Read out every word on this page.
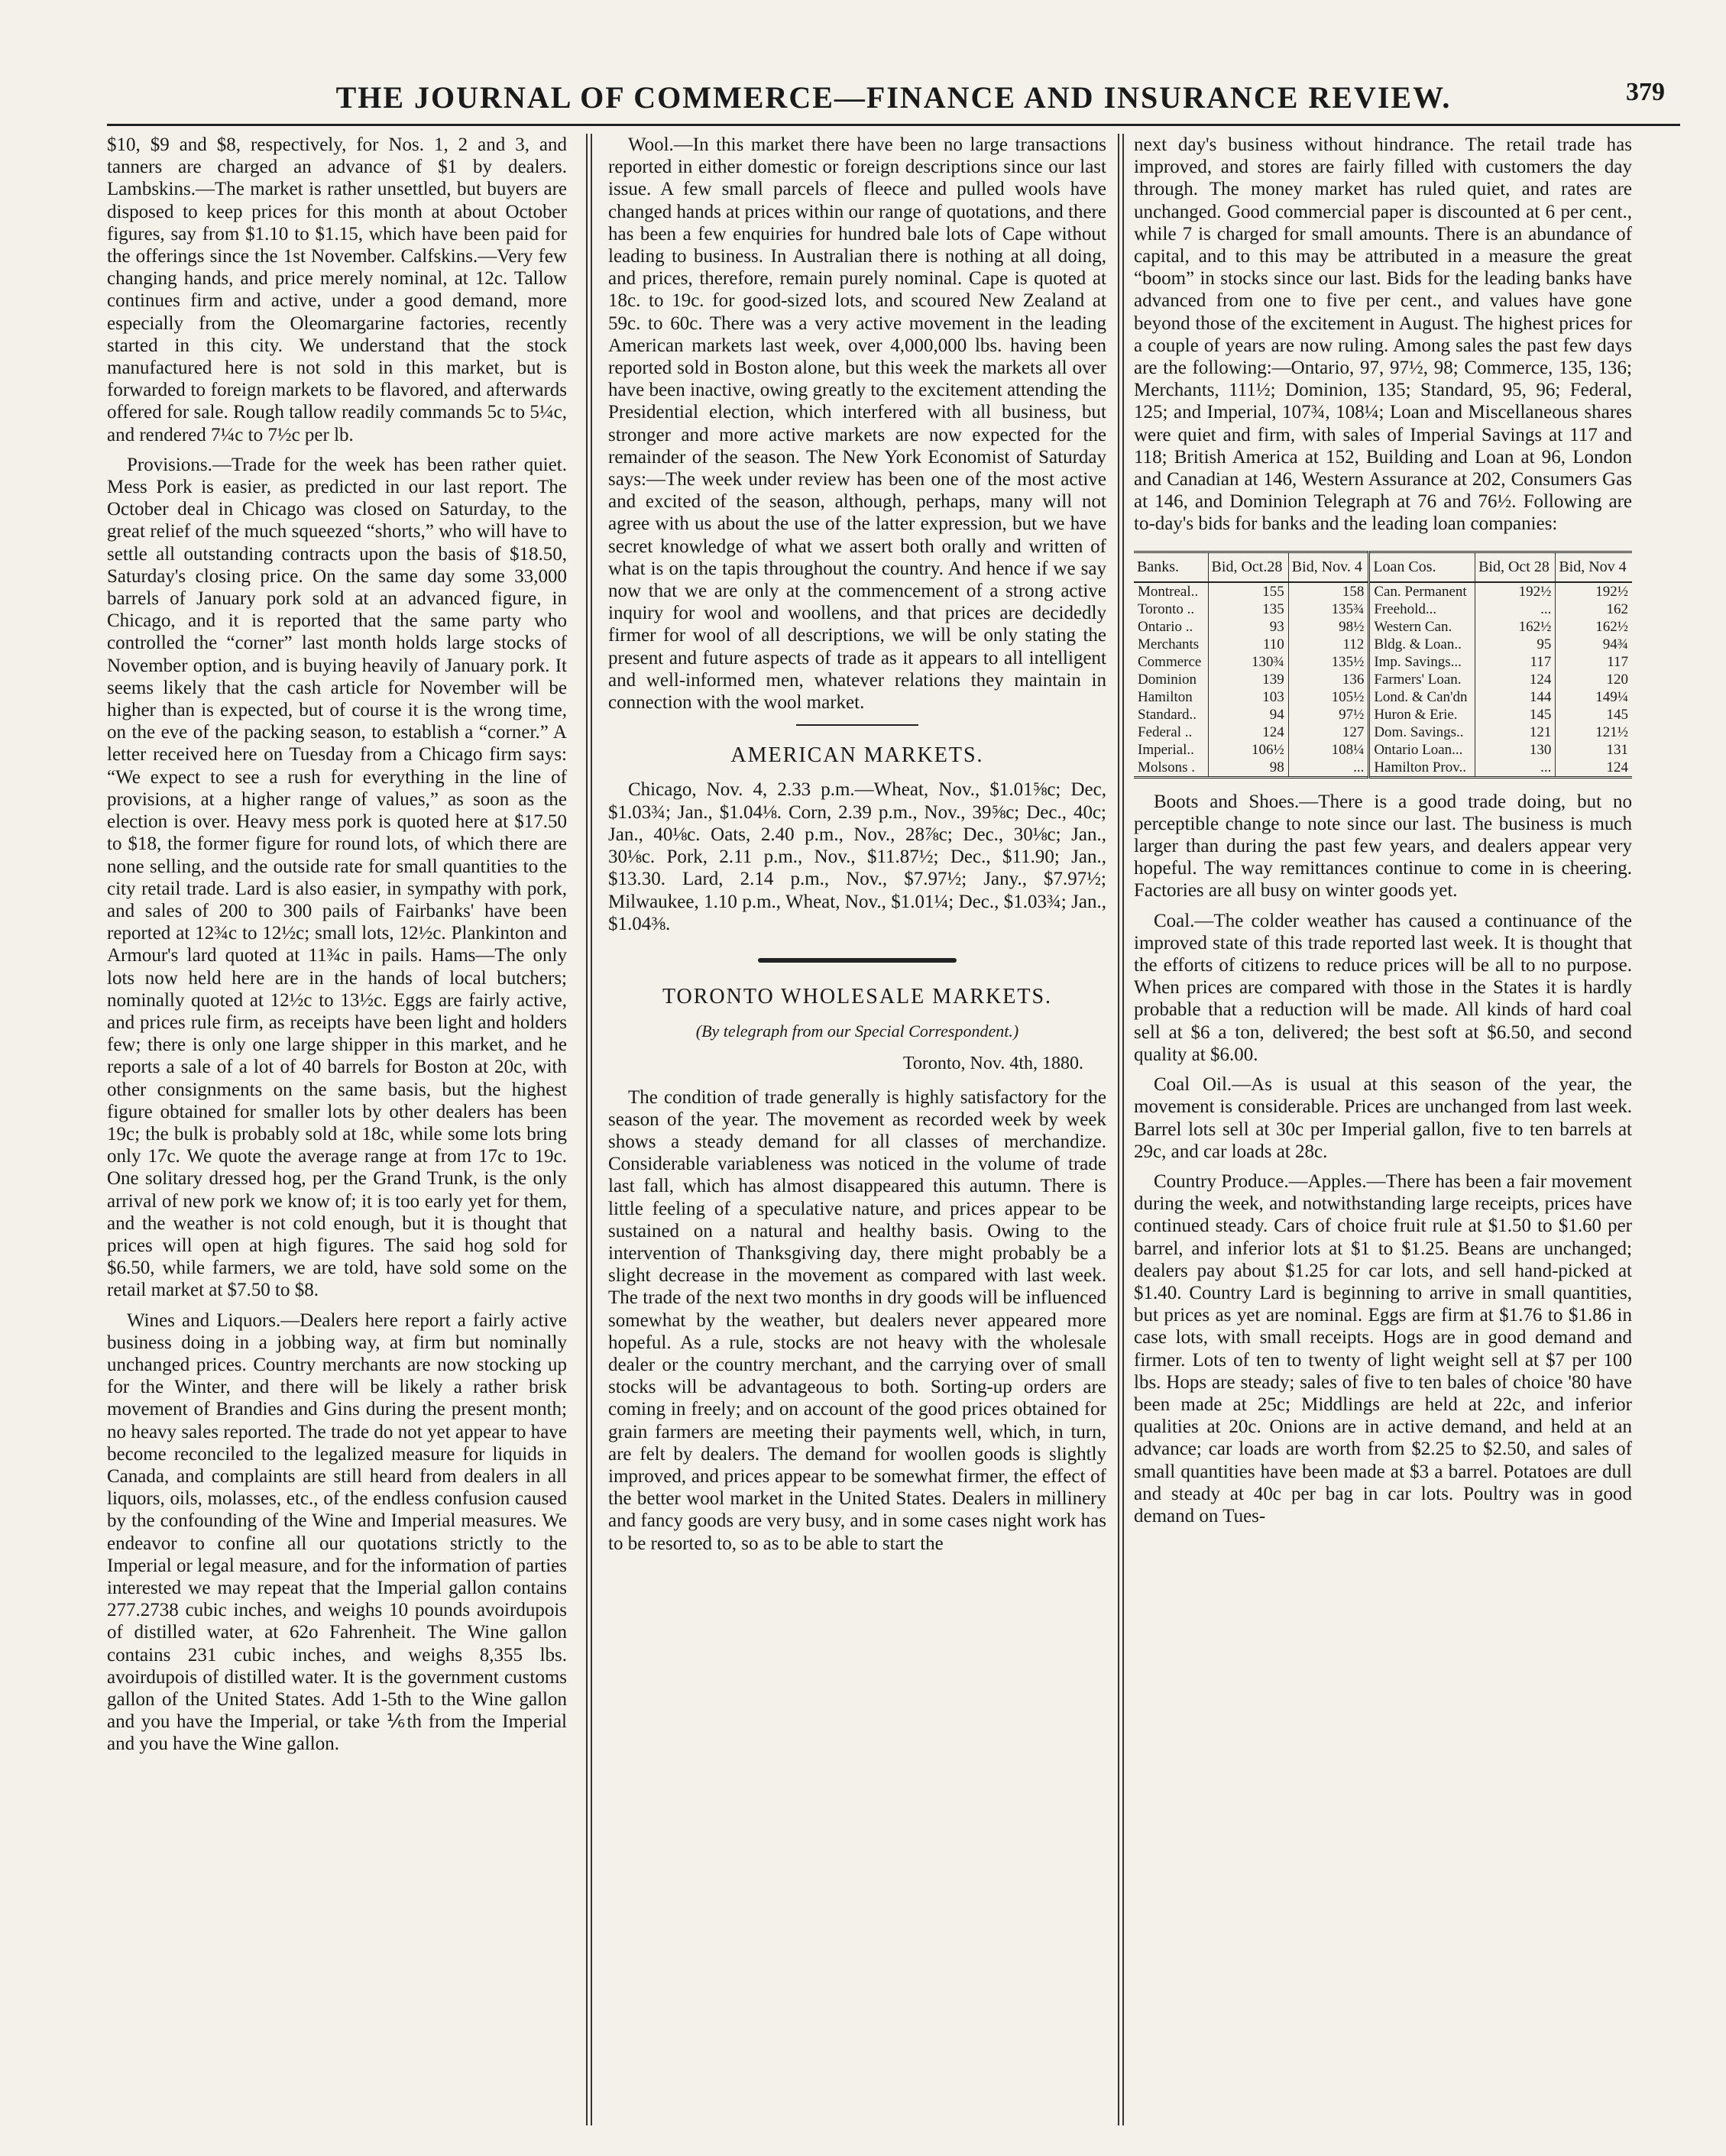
THE JOURNAL OF COMMERCE—FINANCE AND INSURANCE REVIEW.	379

$10, $9 and $8, respectively, for Nos. 1, 2 and 3, and tanners are charged an advance of $1 by dealers. Lambskins.—The market is rather unsettled, but buyers are disposed to keep prices for this month at about October figures, say from $1.10 to $1.15, which have been paid for the offerings since the 1st November. Calfskins.—Very few changing hands, and price merely nominal, at 12c. Tallow continues firm and active, under a good demand, more especially from the Oleomargarine factories, recently started in this city. We understand that the stock manufactured here is not sold in this market, but is forwarded to foreign markets to be flavored, and afterwards offered for sale. Rough tallow readily commands 5c to 5¼c, and rendered 7¼c to 7½c per lb.

Provisions.—Trade for the week has been rather quiet. Mess Pork is easier, as predicted in our last report. The October deal in Chicago was closed on Saturday, to the great relief of the much squeezed “shorts,” who will have to settle all outstanding contracts upon the basis of $18.50, Saturday's closing price. On the same day some 33,000 barrels of January pork sold at an advanced figure, in Chicago, and it is reported that the same party who controlled the “corner” last month holds large stocks of November option, and is buying heavily of January pork. It seems likely that the cash article for November will be higher than is expected, but of course it is the wrong time, on the eve of the packing season, to establish a “corner.” A letter received here on Tuesday from a Chicago firm says: “We expect to see a rush for everything in the line of provisions, at a higher range of values,” as soon as the election is over. Heavy mess pork is quoted here at $17.50 to $18, the former figure for round lots, of which there are none selling, and the outside rate for small quantities to the city retail trade. Lard is also easier, in sympathy with pork, and sales of 200 to 300 pails of Fairbanks' have been reported at 12¾c to 12½c; small lots, 12½c. Plankinton and Armour's lard quoted at 11¾c in pails. Hams—The only lots now held here are in the hands of local butchers; nominally quoted at 12½c to 13½c. Eggs are fairly active, and prices rule firm, as receipts have been light and holders few; there is only one large shipper in this market, and he reports a sale of a lot of 40 barrels for Boston at 20c, with other consignments on the same basis, but the highest figure obtained for smaller lots by other dealers has been 19c; the bulk is probably sold at 18c, while some lots bring only 17c. We quote the average range at from 17c to 19c. One solitary dressed hog, per the Grand Trunk, is the only arrival of new pork we know of; it is too early yet for them, and the weather is not cold enough, but it is thought that prices will open at high figures. The said hog sold for $6.50, while farmers, we are told, have sold some on the retail market at $7.50 to $8.

Wines and Liquors.—Dealers here report a fairly active business doing in a jobbing way, at firm but nominally unchanged prices. Country merchants are now stocking up for the Winter, and there will be likely a rather brisk movement of Brandies and Gins during the present month; no heavy sales reported. The trade do not yet appear to have become reconciled to the legalized measure for liquids in Canada, and complaints are still heard from dealers in all liquors, oils, molasses, etc., of the endless confusion caused by the confounding of the Wine and Imperial measures. We endeavor to confine all our quotations strictly to the Imperial or legal measure, and for the information of parties interested we may repeat that the Imperial gallon contains 277.2738 cubic inches, and weighs 10 pounds avoirdupois of distilled water, at 62o Fahrenheit. The Wine gallon contains 231 cubic inches, and weighs 8,355 lbs. avoirdupois of distilled water. It is the government customs gallon of the United States. Add 1-5th to the Wine gallon and you have the Imperial, or take ⅙th from the Imperial and you have the Wine gallon.

Wool.—In this market there have been no large transactions reported in either domestic or foreign descriptions since our last issue. A few small parcels of fleece and pulled wools have changed hands at prices within our range of quotations, and there has been a few enquiries for hundred bale lots of Cape without leading to business. In Australian there is nothing at all doing, and prices, therefore, remain purely nominal. Cape is quoted at 18c. to 19c. for good-sized lots, and scoured New Zealand at 59c. to 60c. There was a very active movement in the leading American markets last week, over 4,000,000 lbs. having been reported sold in Boston alone, but this week the markets all over have been inactive, owing greatly to the excitement attending the Presidential election, which interfered with all business, but stronger and more active markets are now expected for the remainder of the season. The New York Economist of Saturday says:—The week under review has been one of the most active and excited of the season, although, perhaps, many will not agree with us about the use of the latter expression, but we have secret knowledge of what we assert both orally and written of what is on the tapis throughout the country. And hence if we say now that we are only at the commencement of a strong active inquiry for wool and woollens, and that prices are decidedly firmer for wool of all descriptions, we will be only stating the present and future aspects of trade as it appears to all intelligent and well-informed men, whatever relations they maintain in connection with the wool market.

AMERICAN MARKETS.

Chicago, Nov. 4, 2.33 p.m.—Wheat, Nov., $1.01⅝c; Dec, $1.03¾; Jan., $1.04⅛. Corn, 2.39 p.m., Nov., 39⅝c; Dec., 40c; Jan., 40⅛c. Oats, 2.40 p.m., Nov., 28⅞c; Dec., 30⅛c; Jan., 30⅛c. Pork, 2.11 p.m., Nov., $11.87½; Dec., $11.90; Jan., $13.30. Lard, 2.14 p.m., Nov., $7.97½; Jany., $7.97½; Milwaukee, 1.10 p.m., Wheat, Nov., $1.01¼; Dec., $1.03¾; Jan., $1.04⅜.

TORONTO WHOLESALE MARKETS.
(By telegraph from our Special Correspondent.)
Toronto, Nov. 4th, 1880.

The condition of trade generally is highly satisfactory for the season of the year. The movement as recorded week by week shows a steady demand for all classes of merchandize. Considerable variableness was noticed in the volume of trade last fall, which has almost disappeared this autumn. There is little feeling of a speculative nature, and prices appear to be sustained on a natural and healthy basis. Owing to the intervention of Thanksgiving day, there might probably be a slight decrease in the movement as compared with last week. The trade of the next two months in dry goods will be influenced somewhat by the weather, but dealers never appeared more hopeful. As a rule, stocks are not heavy with the wholesale dealer or the country merchant, and the carrying over of small stocks will be advantageous to both. Sorting-up orders are coming in freely; and on account of the good prices obtained for grain farmers are meeting their payments well, which, in turn, are felt by dealers. The demand for woollen goods is slightly improved, and prices appear to be somewhat firmer, the effect of the better wool market in the United States. Dealers in millinery and fancy goods are very busy, and in some cases night work has to be resorted to, so as to be able to start the

next day's business without hindrance. The retail trade has improved, and stores are fairly filled with customers the day through. The money market has ruled quiet, and rates are unchanged. Good commercial paper is discounted at 6 per cent., while 7 is charged for small amounts. There is an abundance of capital, and to this may be attributed in a measure the great “boom” in stocks since our last. Bids for the leading banks have advanced from one to five per cent., and values have gone beyond those of the excitement in August. The highest prices for a couple of years are now ruling. Among sales the past few days are the following:—Ontario, 97, 97½, 98; Commerce, 135, 136; Merchants, 111½; Dominion, 135; Standard, 95, 96; Federal, 125; and Imperial, 107¾, 108¼; Loan and Miscellaneous shares were quiet and firm, with sales of Imperial Savings at 117 and 118; British America at 152, Building and Loan at 96, London and Canadian at 146, Western Assurance at 202, Consumers Gas at 146, and Dominion Telegraph at 76 and 76½. Following are to-day's bids for banks and the leading loan companies:

Banks.	Bid, Oct.28	Bid, Nov. 4	Loan Cos.	Bid, Oct 28	Bid, Nov 4
Montreal..	155	158	Can. Permanent	192½	192½
Toronto ..	135	135¾	Freehold...	...	162
Ontario ..	93	98½	Western Can.	162½	162½
Merchants	110	112	Bldg. & Loan..	95	94¾
Commerce	130¾	135½	Imp. Savings...	117	117
Dominion	139	136	Farmers' Loan.	124	120
Hamilton	103	105½	Lond. & Can'dn	144	149¼
Standard..	94	97½	Huron & Erie.	145	145
Federal ..	124	127	Dom. Savings..	121	121½
Imperial..	106½	108¼	Ontario Loan...	130	131
Molsons .	98	...	Hamilton Prov..	...	124

Boots and Shoes.—There is a good trade doing, but no perceptible change to note since our last. The business is much larger than during the past few years, and dealers appear very hopeful. The way remittances continue to come in is cheering. Factories are all busy on winter goods yet.

Coal.—The colder weather has caused a continuance of the improved state of this trade reported last week. It is thought that the efforts of citizens to reduce prices will be all to no purpose. When prices are compared with those in the States it is hardly probable that a reduction will be made. All kinds of hard coal sell at $6 a ton, delivered; the best soft at $6.50, and second quality at $6.00.

Coal Oil.—As is usual at this season of the year, the movement is considerable. Prices are unchanged from last week. Barrel lots sell at 30c per Imperial gallon, five to ten barrels at 29c, and car loads at 28c.

Country Produce.—Apples.—There has been a fair movement during the week, and notwithstanding large receipts, prices have continued steady. Cars of choice fruit rule at $1.50 to $1.60 per barrel, and inferior lots at $1 to $1.25. Beans are unchanged; dealers pay about $1.25 for car lots, and sell hand-picked at $1.40. Country Lard is beginning to arrive in small quantities, but prices as yet are nominal. Eggs are firm at $1.76 to $1.86 in case lots, with small receipts. Hogs are in good demand and firmer. Lots of ten to twenty of light weight sell at $7 per 100 lbs. Hops are steady; sales of five to ten bales of choice '80 have been made at 25c; Middlings are held at 22c, and inferior qualities at 20c. Onions are in active demand, and held at an advance; car loads are worth from $2.25 to $2.50, and sales of small quantities have been made at $3 a barrel. Potatoes are dull and steady at 40c per bag in car lots. Poultry was in good demand on Tues-
